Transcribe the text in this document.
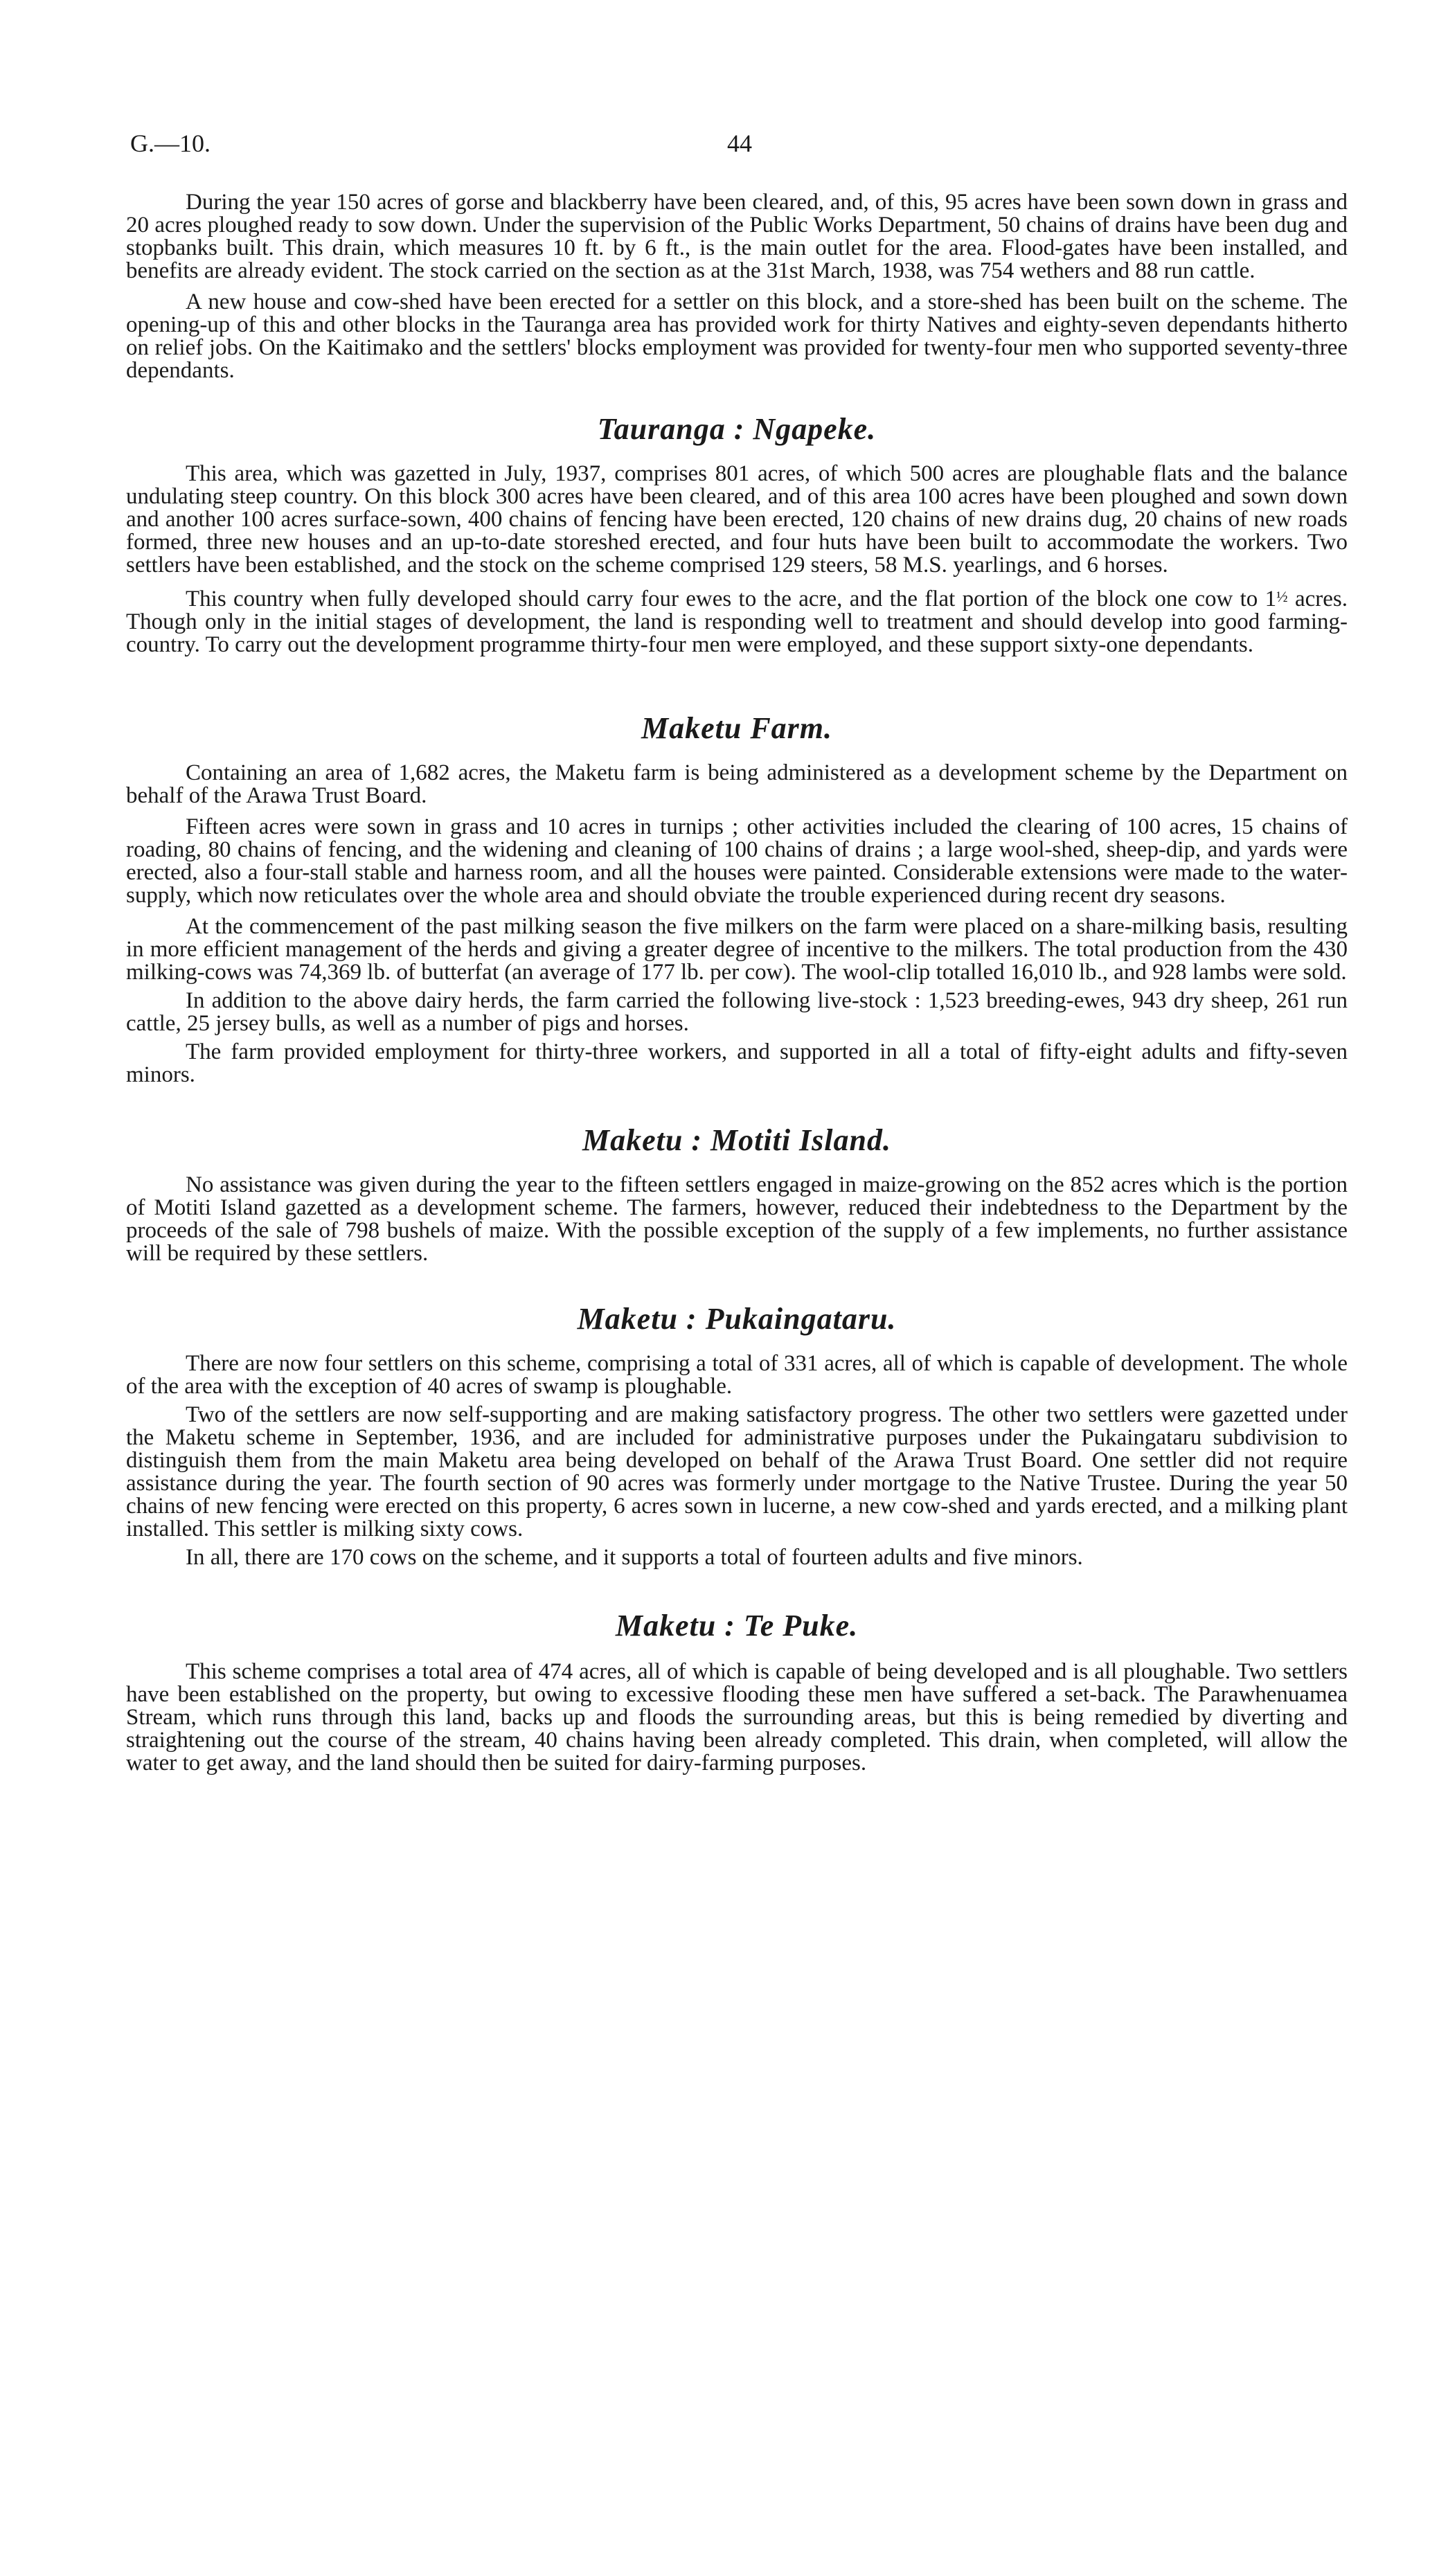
G.—10.	44

During the year 150 acres of gorse and blackberry have been cleared, and, of this, 95 acres have been sown down in grass and 20 acres ploughed ready to sow down. Under the supervision of the Public Works Department, 50 chains of drains have been dug and stopbanks built. This drain, which measures 10 ft. by 6 ft., is the main outlet for the area. Flood-gates have been installed, and benefits are already evident. The stock carried on the section as at the 31st March, 1938, was 754 wethers and 88 run cattle.

A new house and cow-shed have been erected for a settler on this block, and a store-shed has been built on the scheme. The opening-up of this and other blocks in the Tauranga area has provided work for thirty Natives and eighty-seven dependants hitherto on relief jobs. On the Kaitimako and the settlers' blocks employment was provided for twenty-four men who supported seventy-three dependants.

Tauranga : Ngapeke.

This area, which was gazetted in July, 1937, comprises 801 acres, of which 500 acres are ploughable flats and the balance undulating steep country. On this block 300 acres have been cleared, and of this area 100 acres have been ploughed and sown down and another 100 acres surface-sown, 400 chains of fencing have been erected, 120 chains of new drains dug, 20 chains of new roads formed, three new houses and an up-to-date storeshed erected, and four huts have been built to accommodate the workers. Two settlers have been established, and the stock on the scheme comprised 129 steers, 58 M.S. yearlings, and 6 horses.

This country when fully developed should carry four ewes to the acre, and the flat portion of the block one cow to 1½ acres. Though only in the initial stages of development, the land is responding well to treatment and should develop into good farming-country. To carry out the development programme thirty-four men were employed, and these support sixty-one dependants.

Maketu Farm.

Containing an area of 1,682 acres, the Maketu farm is being administered as a development scheme by the Department on behalf of the Arawa Trust Board.

Fifteen acres were sown in grass and 10 acres in turnips ; other activities included the clearing of 100 acres, 15 chains of roading, 80 chains of fencing, and the widening and cleaning of 100 chains of drains ; a large wool-shed, sheep-dip, and yards were erected, also a four-stall stable and harness room, and all the houses were painted. Considerable extensions were made to the water-supply, which now reticulates over the whole area and should obviate the trouble experienced during recent dry seasons.

At the commencement of the past milking season the five milkers on the farm were placed on a share-milking basis, resulting in more efficient management of the herds and giving a greater degree of incentive to the milkers. The total production from the 430 milking-cows was 74,369 lb. of butterfat (an average of 177 lb. per cow). The wool-clip totalled 16,010 lb., and 928 lambs were sold.

In addition to the above dairy herds, the farm carried the following live-stock : 1,523 breeding-ewes, 943 dry sheep, 261 run cattle, 25 jersey bulls, as well as a number of pigs and horses.

The farm provided employment for thirty-three workers, and supported in all a total of fifty-eight adults and fifty-seven minors.

Maketu : Motiti Island.

No assistance was given during the year to the fifteen settlers engaged in maize-growing on the 852 acres which is the portion of Motiti Island gazetted as a development scheme. The farmers, however, reduced their indebtedness to the Department by the proceeds of the sale of 798 bushels of maize. With the possible exception of the supply of a few implements, no further assistance will be required by these settlers.

Maketu : Pukaingataru.

There are now four settlers on this scheme, comprising a total of 331 acres, all of which is capable of development. The whole of the area with the exception of 40 acres of swamp is ploughable.

Two of the settlers are now self-supporting and are making satisfactory progress. The other two settlers were gazetted under the Maketu scheme in September, 1936, and are included for administrative purposes under the Pukaingataru subdivision to distinguish them from the main Maketu area being developed on behalf of the Arawa Trust Board. One settler did not require assistance during the year. The fourth section of 90 acres was formerly under mortgage to the Native Trustee. During the year 50 chains of new fencing were erected on this property, 6 acres sown in lucerne, a new cow-shed and yards erected, and a milking plant installed. This settler is milking sixty cows.

In all, there are 170 cows on the scheme, and it supports a total of fourteen adults and five minors.

Maketu : Te Puke.

This scheme comprises a total area of 474 acres, all of which is capable of being developed and is all ploughable. Two settlers have been established on the property, but owing to excessive flooding these men have suffered a set-back. The Parawhenuamea Stream, which runs through this land, backs up and floods the surrounding areas, but this is being remedied by diverting and straightening out the course of the stream, 40 chains having been already completed. This drain, when completed, will allow the water to get away, and the land should then be suited for dairy-farming purposes.
